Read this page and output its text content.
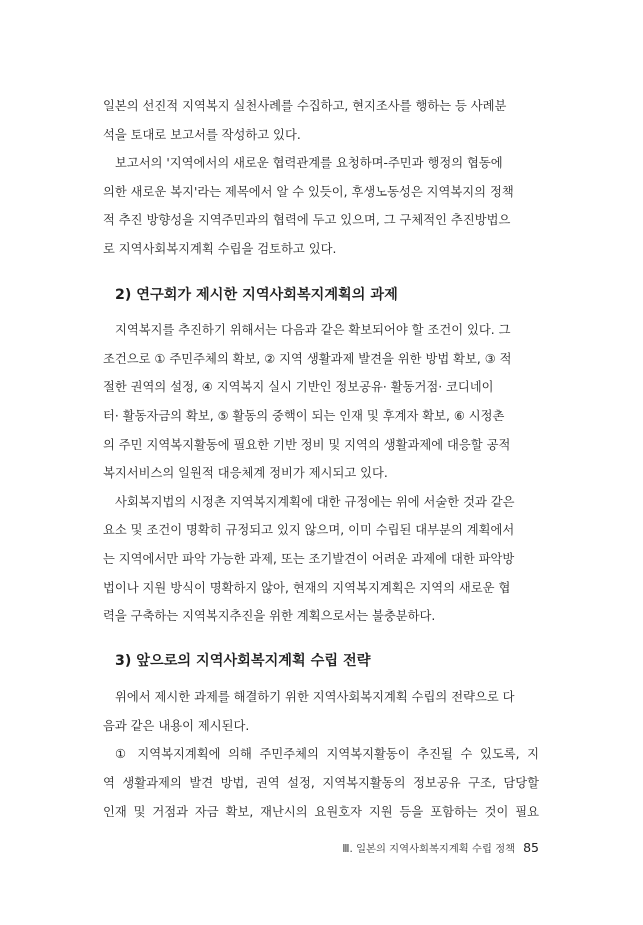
일본의 선진적 지역복지 실천사례를 수집하고, 현지조사를 행하는 등 사례분
석을 토대로 보고서를 작성하고 있다.

보고서의 '지역에서의 새로운 협력관계를 요청하며-주민과 행정의 협동에
의한 새로운 복지'라는 제목에서 알 수 있듯이, 후생노동성은 지역복지의 정책
적 추진 방향성을 지역주민과의 협력에 두고 있으며, 그 구체적인 추진방법으
로 지역사회복지계획 수립을 검토하고 있다.

2) 연구회가 제시한 지역사회복지계획의 과제

지역복지를 추진하기 위해서는 다음과 같은 확보되어야 할 조건이 있다. 그
조건으로 ① 주민주체의 확보, ② 지역 생활과제 발견을 위한 방법 확보, ③ 적
절한 권역의 설정, ④ 지역복지 실시 기반인 정보공유· 활동거점· 코디네이
터· 활동자금의 확보, ⑤ 활동의 중핵이 되는 인재 및 후계자 확보, ⑥ 시정촌
의 주민 지역복지활동에 필요한 기반 정비 및 지역의 생활과제에 대응할 공적
복지서비스의 일원적 대응체계 정비가 제시되고 있다.

사회복지법의 시정촌 지역복지계획에 대한 규정에는 위에 서술한 것과 같은
요소 및 조건이 명확히 규정되고 있지 않으며, 이미 수립된 대부분의 계획에서
는 지역에서만 파악 가능한 과제, 또는 조기발견이 어려운 과제에 대한 파악방
법이나 지원 방식이 명확하지 않아, 현재의 지역복지계획은 지역의 새로운 협
력을 구축하는 지역복지추진을 위한 계획으로서는 불충분하다.

3) 앞으로의 지역사회복지계획 수립 전략

위에서 제시한 과제를 해결하기 위한 지역사회복지계획 수립의 전략으로 다
음과 같은 내용이 제시된다.

① 지역복지계획에 의해 주민주체의 지역복지활동이 추진될 수 있도록, 지
역 생활과제의 발견 방법, 권역 설정, 지역복지활동의 정보공유 구조, 담당할
인재 및 거점과 자금 확보, 재난시의 요원호자 지원 등을 포함하는 것이 필요

Ⅲ. 일본의 지역사회복지계획 수립 정책 85
